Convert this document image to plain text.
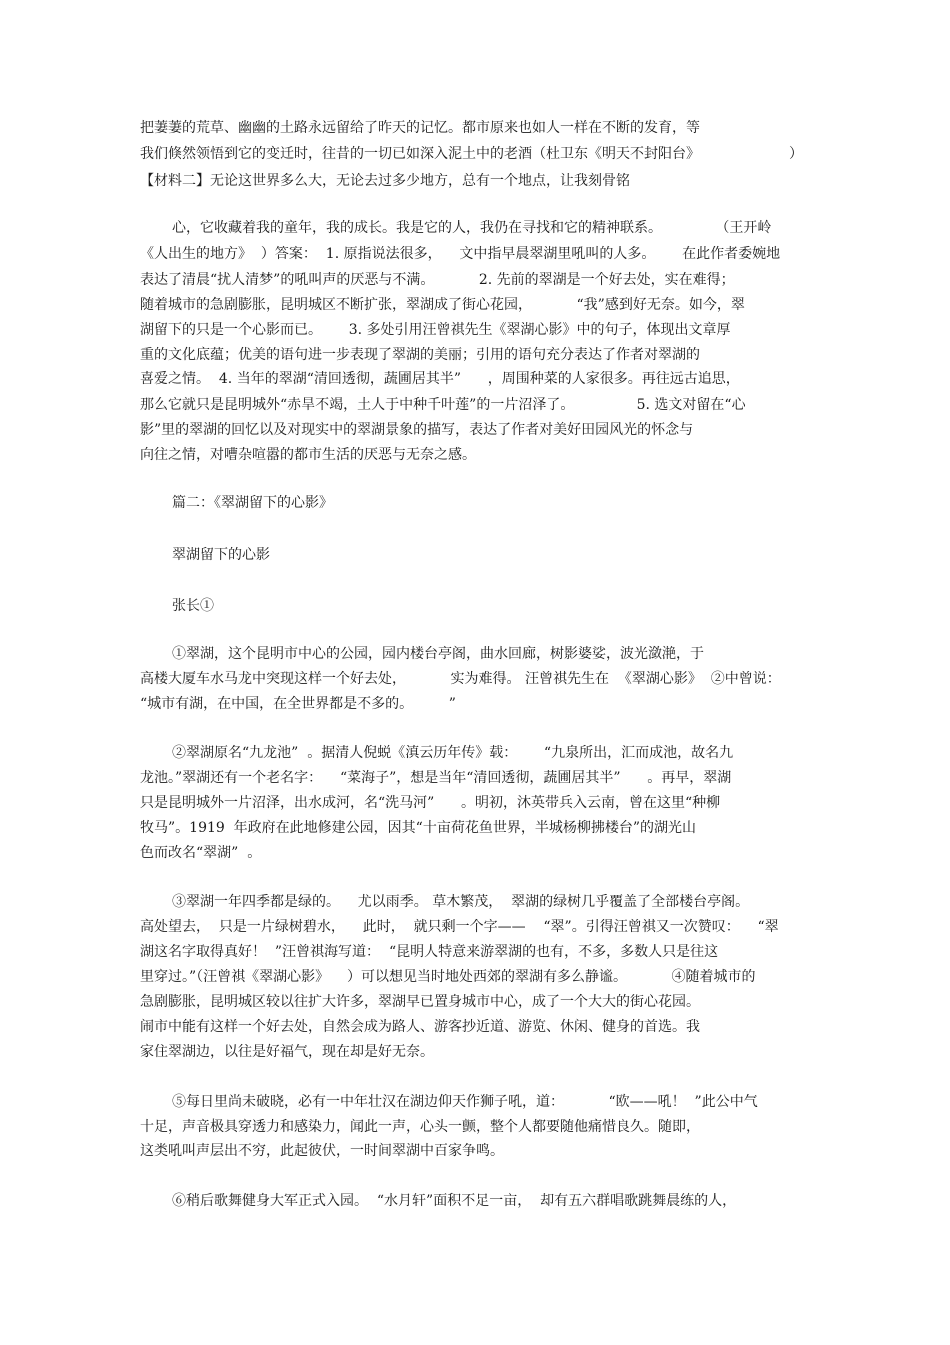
把萋萋的荒草、幽幽的土路永远留给了昨天的记忆。都市原来也如人一样在不断的发育，等
我们倏然领悟到它的变迁时，往昔的一切已如深入泥土中的老酒（杜卫东《明天不封阳台》                    ）
【材料二】无论这世界多么大，无论去过多少地方，总有一个地点，让我刻骨铭
心，它收藏着我的童年，我的成长。我是它的人，我仍在寻找和它的精神联系。            （王开岭
《人出生的地方》  ）答案：  1. 原指说法很多，    文中指早晨翠湖里吼叫的人多。      在此作者委婉地
表达了清晨“扰人清梦”的吼叫声的厌恶与不满。          2. 先前的翠湖是一个好去处，实在难得；
随着城市的急剧膨胀，昆明城区不断扩张，翠湖成了街心花园，          “我”感到好无奈。如今，翠
湖留下的只是一个心影而已。      3. 多处引用汪曾祺先生《翠湖心影》中的句子，体现出文章厚
重的文化底蕴；优美的语句进一步表现了翠湖的美丽；引用的语句充分表达了作者对翠湖的
喜爱之情。  4. 当年的翠湖“清回透彻，蔬圃居其半”      ，周围种菜的人家很多。再往远古追思，
那么它就只是昆明城外“赤旱不竭，土人于中种千叶莲”的一片沼泽了。              5. 选文对留在“心
影”里的翠湖的回忆以及对现实中的翠湖景象的描写，表达了作者对美好田园风光的怀念与
向往之情，对嘈杂喧嚣的都市生活的厌恶与无奈之感。
篇二：《翠湖留下的心影》
翠湖留下的心影
张长①
①翠湖，这个昆明市中心的公园，园内楼台亭阁，曲水回廊，树影婆娑，波光潋滟，于
高楼大厦车水马龙中突现这样一个好去处，          实为难得。 汪曾祺先生在  《翠湖心影》  ②中曾说：
“城市有湖，在中国，在全世界都是不多的。        ”
②翠湖原名“九龙池”  。据清人倪蜕《滇云历年传》载：      “九泉所出，汇而成池，故名九
龙池。”翠湖还有一个老名字：    “菜海子”，想是当年“清回透彻，蔬圃居其半”      。再早，翠湖
只是昆明城外一片沼泽，出水成河，名“洗马河”      。明初，沐英带兵入云南，曾在这里“种柳
牧马”。1919  年政府在此地修建公园，因其“十亩荷花鱼世界，半城杨柳拂楼台”的湖光山
色而改名“翠湖”  。
③翠湖一年四季都是绿的。    尤以雨季。 草木繁茂，  翠湖的绿树几乎覆盖了全部楼台亭阁。
高处望去，  只是一片绿树碧水，    此时，  就只剩一个字——    “翠”。引得汪曾祺又一次赞叹：    “翠
湖这名字取得真好！  ”汪曾祺海写道：  “昆明人特意来游翠湖的也有，不多，多数人只是往这
里穿过。”（汪曾祺《翠湖心影》    ）可以想见当时地处西郊的翠湖有多么静谧。          ④随着城市的
急剧膨胀，昆明城区较以往扩大许多，翠湖早已置身城市中心，成了一个大大的街心花园。
闹市中能有这样一个好去处，自然会成为路人、游客抄近道、游览、休闲、健身的首选。我
家住翠湖边，以往是好福气，现在却是好无奈。
⑤每日里尚未破晓，必有一中年壮汉在湖边仰天作狮子吼，道：          “欧——吼！  ”此公中气
十足，声音极具穿透力和感染力，闻此一声，心头一颤，整个人都要随他痛惜良久。随即，
这类吼叫声层出不穷，此起彼伏，一时间翠湖中百家争鸣。
⑥稍后歌舞健身大军正式入园。  “水月轩”面积不足一亩，  却有五六群唱歌跳舞晨练的人，
